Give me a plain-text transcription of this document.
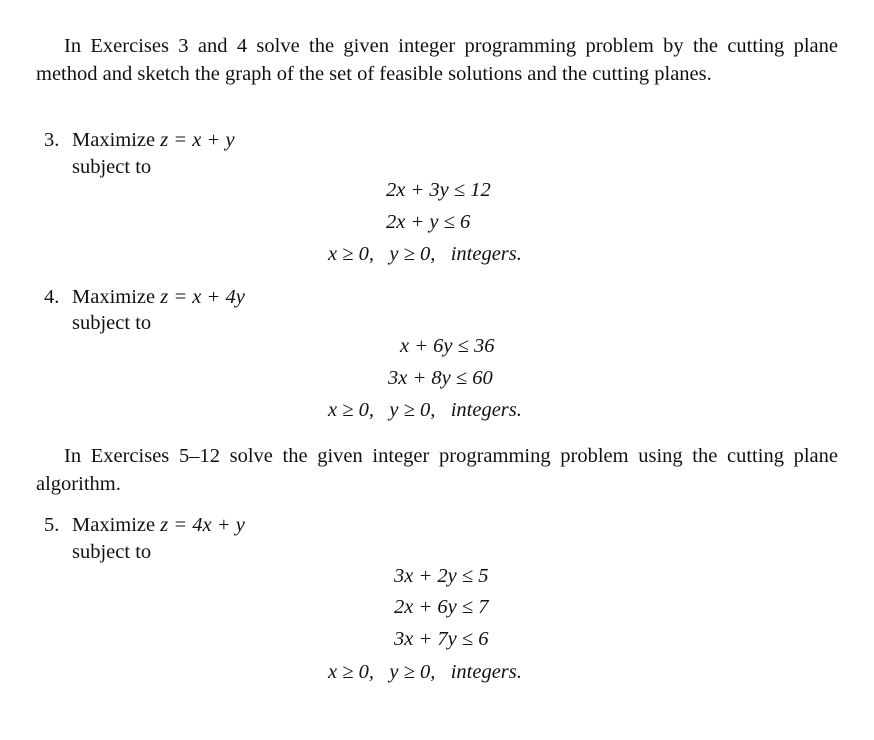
In Exercises 3 and 4 solve the given integer programming problem by the cutting plane method and sketch the graph of the set of feasible solutions and the cutting planes.

3. Maximize z = x + y
subject to
2x + 3y ≤ 12
2x + y ≤ 6
x ≥ 0,   y ≥ 0,   integers.
4. Maximize z = x + 4y
subject to
x + 6y ≤ 36
3x + 8y ≤ 60
x ≥ 0,   y ≥ 0,   integers.

In Exercises 5–12 solve the given integer programming problem using the cutting plane algorithm.

5. Maximize z = 4x + y
subject to
3x + 2y ≤ 5
2x + 6y ≤ 7
3x + 7y ≤ 6
x ≥ 0,   y ≥ 0,   integers.
